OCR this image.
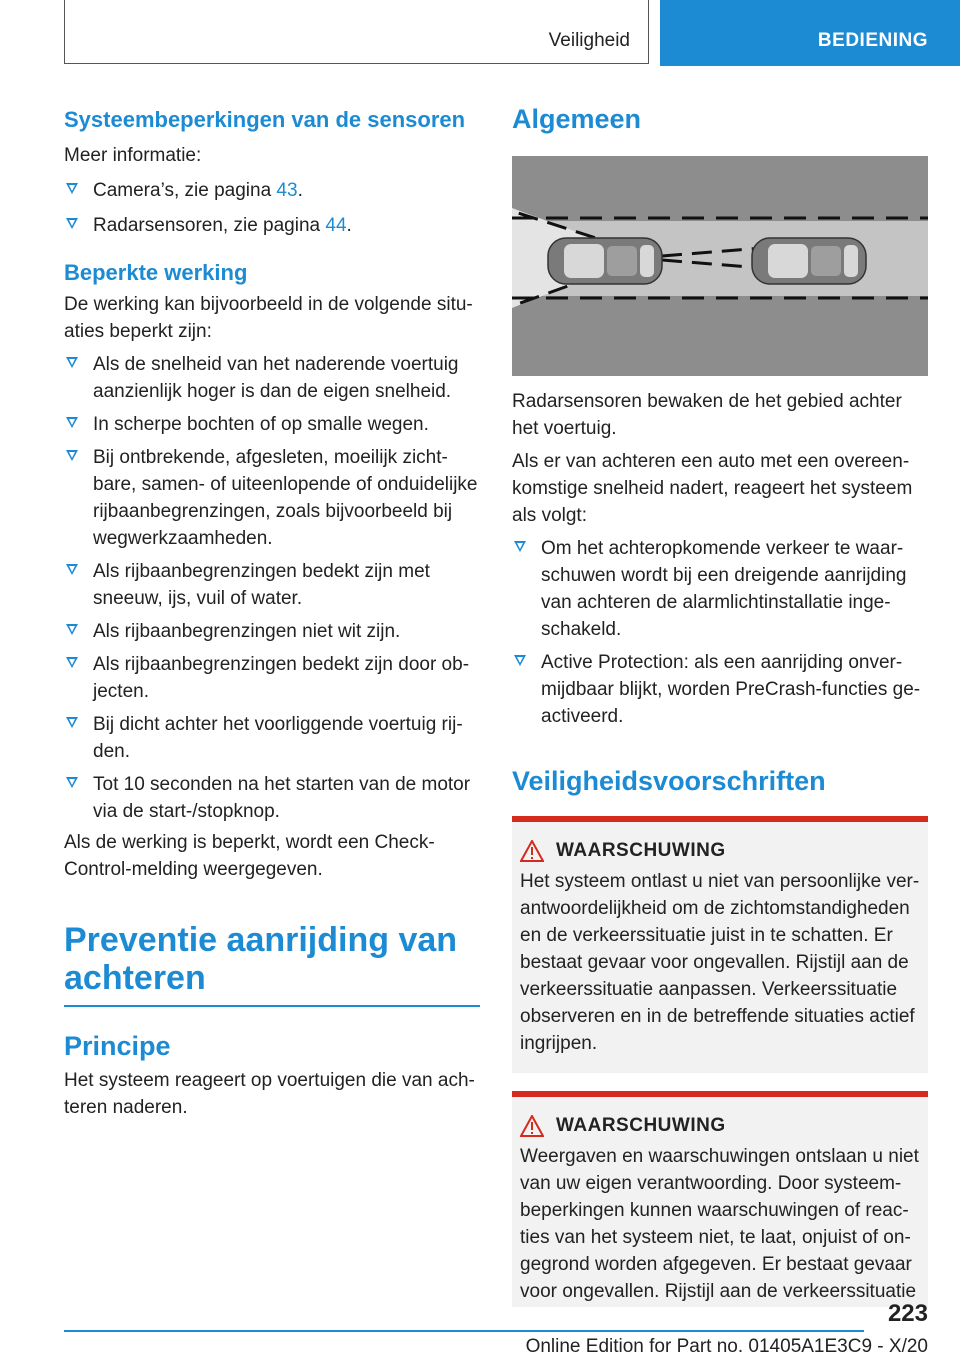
Veiligheid	BEDIENING
Systeembeperkingen van de sensoren

Meer informatie:

Camera’s, zie pagina 43.
Radarsensoren, zie pagina 44.
Beperkte werking

De werking kan bijvoorbeeld in de volgende situaties beperkt zijn:

Als de snelheid van het naderende voertuig aanzienlijk hoger is dan de eigen snelheid.
In scherpe bochten of op smalle wegen.
Bij ontbrekende, afgesleten, moeilijk zichtbare, samen- of uiteenlopende of onduidelijke rijbaanbegrenzingen, zoals bijvoorbeeld bij wegwerkzaamheden.
Als rijbaanbegrenzingen bedekt zijn met sneeuw, ijs, vuil of water.
Als rijbaanbegrenzingen niet wit zijn.
Als rijbaanbegrenzingen bedekt zijn door objecten.
Bij dicht achter het voorliggende voertuig rijden.
Tot 10 seconden na het starten van de motor via de start-/stopknop.

Als de werking is beperkt, wordt een Check-Control-melding weergegeven.

Preventie aanrijding van achteren
Principe

Het systeem reageert op voertuigen die van achteren naderen.

Algemeen

Radarsensoren bewaken de het gebied achter het voertuig.

Als er van achteren een auto met een overeenkomstige snelheid nadert, reageert het systeem als volgt:

Om het achteropkomende verkeer te waarschuwen wordt bij een dreigende aanrijding van achteren de alarmlichtinstallatie ingeschakeld.
Active Protection: als een aanrijding onvermijdbaar blijkt, worden PreCrash-functies geactiveerd.
Veiligheidsvoorschriften
WAARSCHUWING

Het systeem ontlast u niet van persoonlijke verantwoordelijkheid om de zichtomstandigheden en de verkeerssituatie juist in te schatten. Er bestaat gevaar voor ongevallen. Rijstijl aan de verkeerssituatie aanpassen. Verkeerssituatie observeren en in de betreffende situaties actief ingrijpen.

WAARSCHUWING

Weergaven en waarschuwingen ontslaan u niet van uw eigen verantwoording. Door systeembeperkingen kunnen waarschuwingen of reacties van het systeem niet, te laat, onjuist of ongegrond worden afgegeven. Er bestaat gevaar voor ongevallen. Rijstijl aan de verkeerssituatie

223
Online Edition for Part no. 01405A1E3C9 - X/20
